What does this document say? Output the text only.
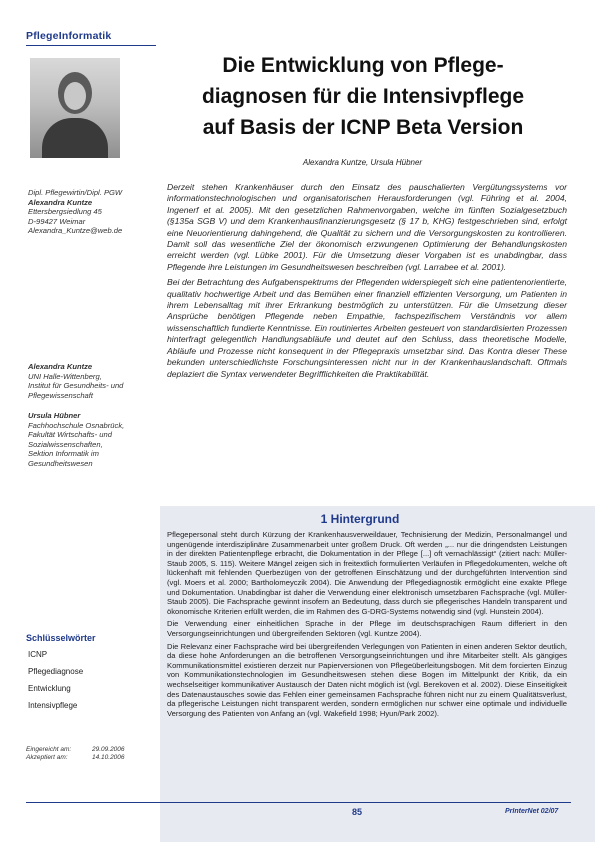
PflegeInformatik
Die Entwicklung von Pflege-
diagnosen für die Intensivpflege
auf Basis der ICNP Beta Version
Alexandra Kuntze, Ursula Hübner
Dipl. Pflegewirtin/Dipl. PGW
Alexandra Kuntze
Ettersbergsiedlung 45
D-99427 Weimar
Alexandra_Kuntze@web.de
Alexandra Kuntze
UNI Halle-Wittenberg,
Institut für Gesundheits- und
Pflegewissenschaft
Ursula Hübner
Fachhochschule Osnabrück,
Fakultät Wirtschafts- und
Sozialwissenschaften,
Sektion Informatik im
Gesundheitswesen

Derzeit stehen Krankenhäuser durch den Einsatz des pauschalierten Vergütungssystems vor informationstechnologischen und organisatorischen Herausforderungen (vgl. Führing et al. 2004, Ingenerf et al. 2005). Mit den gesetzlichen Rahmenvorgaben, welche im fünften Sozialgesetzbuch (§135a SGB V) und dem Krankenhausfinanzierungsgesetz (§ 17 b, KHG) festgeschrieben sind, erfolgt eine Neuorientierung dahingehend, die Qualität zu sichern und die Versorgungskosten zu kontrollieren. Damit soll das wesentliche Ziel der ökonomisch erzwungenen Optimierung der Behandlungskosten erreicht werden (vgl. Lübke 2001). Für die Umsetzung dieser Vorgaben ist es unabdingbar, dass Pflegende ihre Leistungen im Gesundheitswesen beschreiben (vgl. Larrabee et al. 2001).

Bei der Betrachtung des Aufgabenspektrums der Pflegenden widerspiegelt sich eine patientenorientierte, qualitativ hochwertige Arbeit und das Bemühen einer finanziell effizienten Versorgung, um Patienten in ihrem Lebensalltag mit ihrer Erkrankung bestmöglich zu unterstützen. Für die Umsetzung dieser Ansprüche benötigen Pflegende neben Empathie, fachspezifischem Verständnis vor allem wissenschaftlich fundierte Kenntnisse. Ein routiniertes Arbeiten gesteuert von standardisierten Prozessen hinterfragt gelegentlich Handlungsabläufe und deutet auf den Schluss, dass theoretische Modelle, Abläufe und Prozesse nicht konsequent in der Pflegepraxis umsetzbar sind. Das Kontra dieser These bekunden unterschiedlichste Forschungsinteressen nicht nur in der Krankenhauslandschaft. Oftmals deplaziert die Syntax verwendeter Begrifflichkeiten die Praktikabilität.

1 Hintergrund

Pflegepersonal steht durch Kürzung der Krankenhausverweildauer, Technisierung der Medizin, Personalmangel und ungenügende interdisziplinäre Zusammenarbeit unter großem Druck. Oft werden „... nur die dringendsten Leistungen in der direkten Patientenpflege erbracht, die Dokumentation in der Pflege [...] oft vernachlässigt“ (zitiert nach: Müller-Staub 2005, S. 115). Weitere Mängel zeigen sich in freitextlich formulierten Verläufen in Pflegedokumenten, welche oft lückenhaft mit fehlenden Querbezügen von der getroffenen Einschätzung und der durchgeführten Intervention sind (vgl. Moers et al. 2000; Bartholomeyczik 2004). Die Anwendung der Pflegediagnostik ermöglicht eine exakte Pflege und Dokumentation. Unabdingbar ist daher die Verwendung einer elektronisch umsetzbaren Fachsprache (vgl. Müller-Staub 2005). Die Fachsprache gewinnt insofern an Bedeutung, dass durch sie pflegerisches Handeln transparent und ökonomische Kriterien erfüllt werden, die im Rahmen des G-DRG-Systems notwendig sind (vgl. Hunstein 2004).

Die Verwendung einer einheitlichen Sprache in der Pflege im deutschsprachigen Raum differiert in den Versorgungseinrichtungen und übergreifenden Sektoren (vgl. Kuntze 2004).

Die Relevanz einer Fachsprache wird bei übergreifenden Verlegungen von Patienten in einen anderen Sektor deutlich, da diese hohe Anforderungen an die betroffenen Versorgungseinrichtungen und ihre Mitarbeiter stellt. Als gängiges Kommunikationsmittel existieren derzeit nur Papierversionen von Pflegeüberleitungsbogen. Mit dem forcierten Einzug von Kommunikationstechnologien im Gesundheitswesen stehen diese Bogen im Mittelpunkt der Kritik, da ein wechselseitiger kommunikativer Austausch der Daten nicht möglich ist (vgl. Berekoven et al. 2002). Diese Einseitigkeit des Datenaustausches sowie das Fehlen einer gemeinsamen Fachsprache führen nicht nur zu einem Qualitätsverlust, da pflegerische Leistungen nicht transparent werden, sondern ermöglichen nur schwer eine optimale und individuelle Versorgung des Patienten von Anfang an (vgl. Wakefield 1998; Hyun/Park 2002).

Schlüsselwörter
ICNP
Pflegediagnose
Entwicklung
Intensivpflege
Eingereicht am:	29.09.2006
Akzeptiert am:	14.10.2006
85	PrInterNet 02/07
